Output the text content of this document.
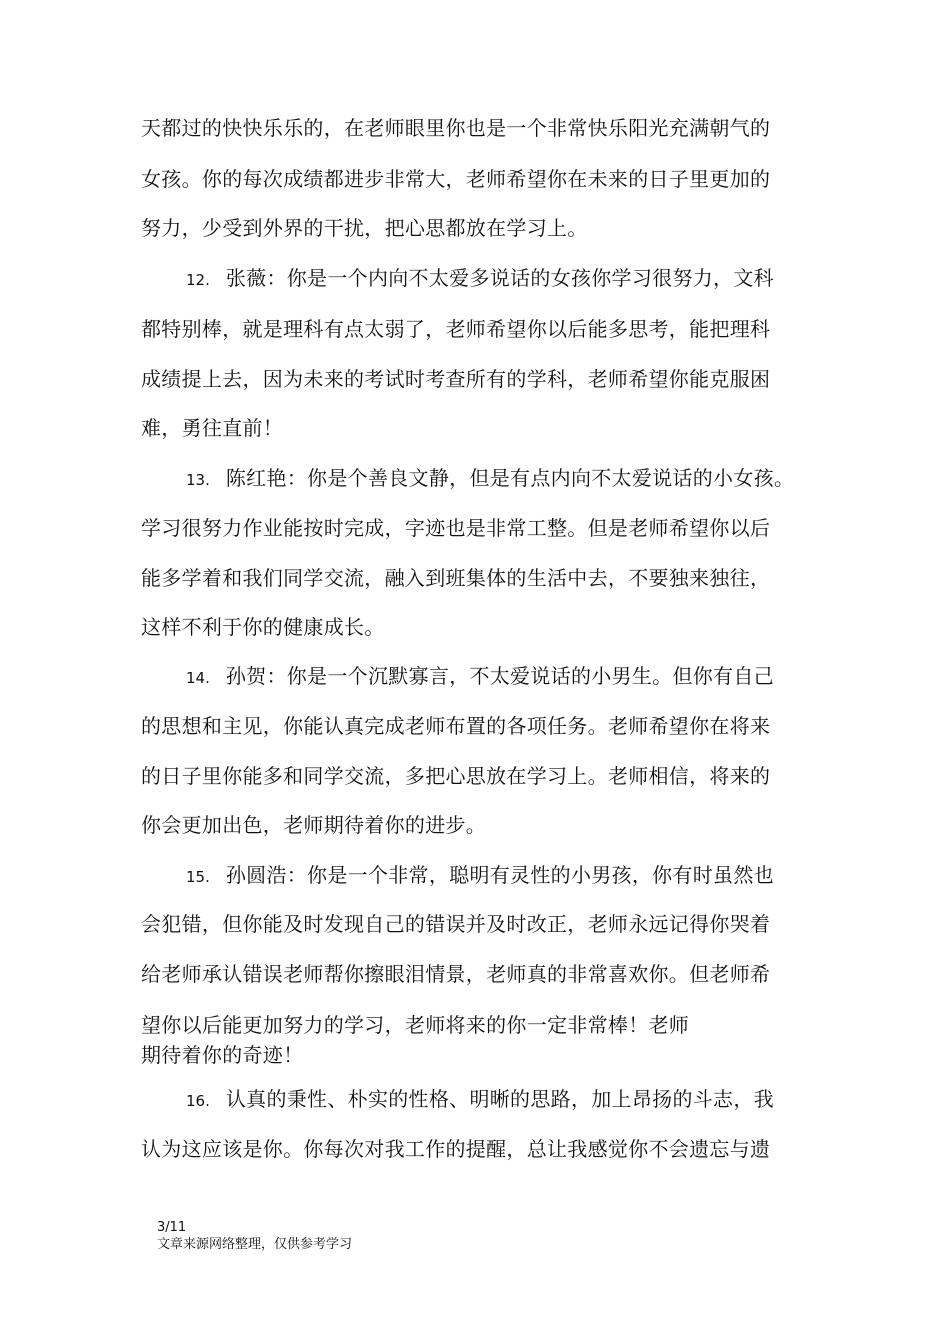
天都过的快快乐乐的，在老师眼里你也是一个非常快乐阳光充满朝气的
女孩。你的每次成绩都进步非常大，老师希望你在未来的日子里更加的
努力，少受到外界的干扰，把心思都放在学习上。
12. 张薇：你是一个内向不太爱多说话的女孩你学习很努力，文科
都特别棒，就是理科有点太弱了，老师希望你以后能多思考，能把理科
成绩提上去，因为未来的考试时考查所有的学科，老师希望你能克服困
难，勇往直前！
13. 陈红艳：你是个善良文静，但是有点内向不太爱说话的小女孩。
学习很努力作业能按时完成，字迹也是非常工整。但是老师希望你以后
能多学着和我们同学交流，融入到班集体的生活中去，不要独来独往，
这样不利于你的健康成长。
14. 孙贺：你是一个沉默寡言，不太爱说话的小男生。但你有自己
的思想和主见，你能认真完成老师布置的各项任务。老师希望你在将来
的日子里你能多和同学交流，多把心思放在学习上。老师相信，将来的
你会更加出色，老师期待着你的进步。
15. 孙圆浩：你是一个非常，聪明有灵性的小男孩，你有时虽然也
会犯错，但你能及时发现自己的错误并及时改正，老师永远记得你哭着
给老师承认错误老师帮你擦眼泪情景，老师真的非常喜欢你。但老师希
望你以后能更加努力的学习，老师将来的你一定非常棒！老师
期待着你的奇迹！
16. 认真的秉性、朴实的性格、明晰的思路，加上昂扬的斗志，我
认为这应该是你。你每次对我工作的提醒，总让我感觉你不会遗忘与遗
3/11
文章来源网络整理，仅供参考学习
